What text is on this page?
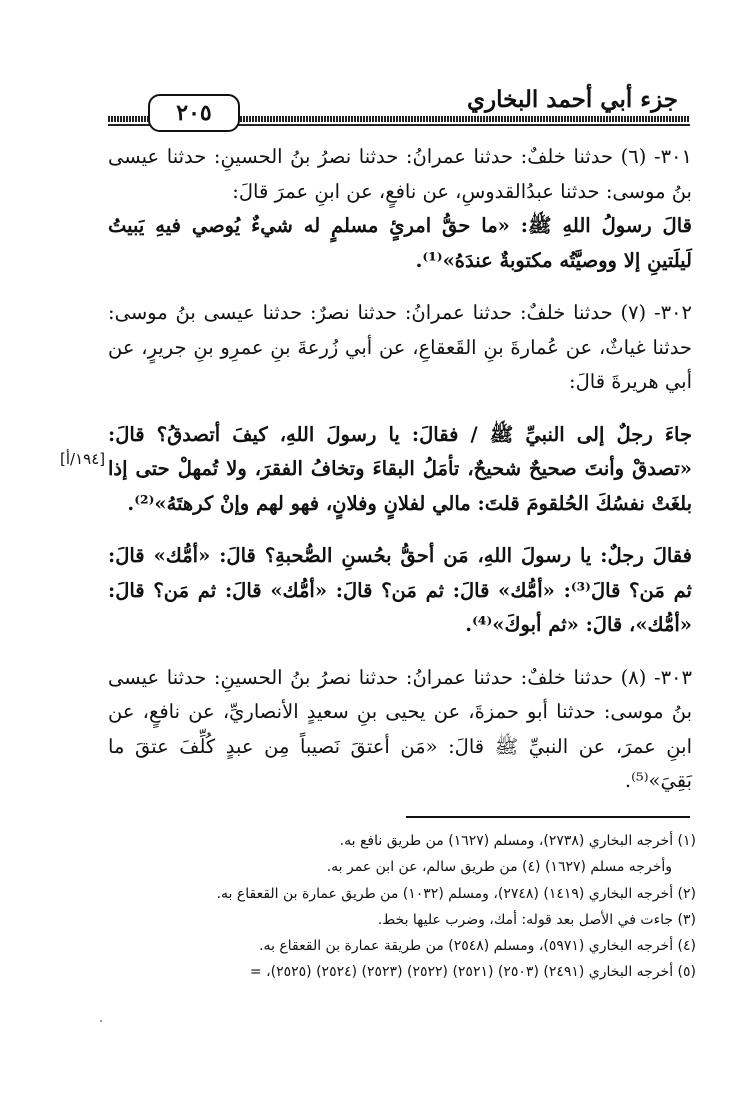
٢٠٥	جزء أبي أحمد البخاري
[١٩٤/أ]

٣٠١- (٦) حدثنا خلفٌ: حدثنا عمرانُ: حدثنا نصرُ بنُ الحسينِ: حدثنا عيسى بنُ موسى: حدثنا عبدُالقدوسِ، عن نافعٍ، عن ابنِ عمرَ قالَ:

قالَ رسولُ اللهِ ﷺ: «ما حقُّ امرئٍ مسلمٍ له شيءٌ يُوصي فيهِ يَبيتُ لَيلَتينِ إلا ووصيَّتُه مكتوبةٌ عندَهُ»⁽¹⁾.

٣٠٢- (٧) حدثنا خلفٌ: حدثنا عمرانُ: حدثنا نصرٌ: حدثنا عيسى بنُ موسى: حدثنا غياثٌ، عن عُمارةَ بنِ القَعقاعِ، عن أبي زُرعةَ بنِ عمرِو بنِ جريرٍ، عن أبي هريرةَ قالَ:

جاءَ رجلٌ إلى النبيِّ ﷺ / فقالَ: يا رسولَ اللهِ، كيفَ أتصدقُ؟ قالَ: «تصدقْ وأنتَ صحيحٌ شحيحٌ، تأمَلُ البقاءَ وتخافُ الفقرَ، ولا تُمهلْ حتى إذا بلغَتْ نفسُكَ الحُلقومَ قلتَ: مالي لفلانٍ وفلانٍ، فهو لهم وإنْ كرهتَهُ»⁽²⁾.

فقالَ رجلٌ: يا رسولَ اللهِ، مَن أحقُّ بحُسنِ الصُّحبةِ؟ قالَ: «أمُّك» قالَ: ثم مَن؟ قالَ⁽³⁾: «أمُّك» قالَ: ثم مَن؟ قالَ: «أمُّك» قالَ: ثم مَن؟ قالَ: «أمُّك»، قالَ: «ثم أبوكَ»⁽⁴⁾.

٣٠٣- (٨) حدثنا خلفٌ: حدثنا عمرانُ: حدثنا نصرُ بنُ الحسينِ: حدثنا عيسى بنُ موسى: حدثنا أبو حمزةَ، عن يحيى بنِ سعيدٍ الأنصاريِّ، عن نافعٍ، عن ابنِ عمرَ، عن النبيِّ ﷺ قالَ: «مَن أعتقَ نَصيباً مِن عبدٍ كُلِّفَ عتقَ ما بَقِيَ»⁽⁵⁾.

(١) أخرجه البخاري (٢٧٣٨)، ومسلم (١٦٢٧) من طريق نافع به.
وأخرجه مسلم (١٦٢٧) (٤) من طريق سالم، عن ابن عمر به.
(٢) أخرجه البخاري (١٤١٩) (٢٧٤٨)، ومسلم (١٠٣٢) من طريق عمارة بن القعقاع به.
(٣) جاءت في الأصل بعد قوله: أمك، وضرب عليها بخط.
(٤) أخرجه البخاري (٥٩٧١)، ومسلم (٢٥٤٨) من طريقة عمارة بن القعقاع به.
(٥) أخرجه البخاري (٢٤٩١) (٢٥٠٣) (٢٥٢١) (٢٥٢٢) (٢٥٢٣) (٢٥٢٤) (٢٥٢٥)، =
